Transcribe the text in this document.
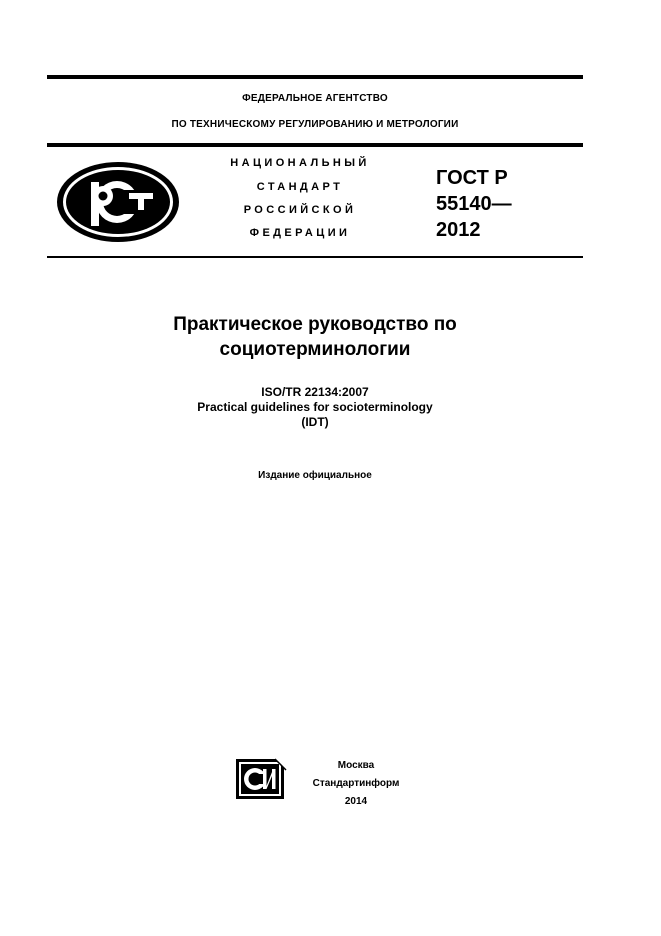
ФЕДЕРАЛЬНОЕ АГЕНТСТВО
ПО ТЕХНИЧЕСКОМУ РЕГУЛИРОВАНИЮ И МЕТРОЛОГИИ
НАЦИОНАЛЬНЫЙ
СТАНДАРТ
РОССИЙСКОЙ
ФЕДЕРАЦИИ
ГОСТ Р
55140—
2012
Практическое руководство по
социотерминологии
ISO/TR 22134:2007
Practical guidelines for socioterminology
(IDT)
Издание официальное
Москва
Стандартинформ
2014
